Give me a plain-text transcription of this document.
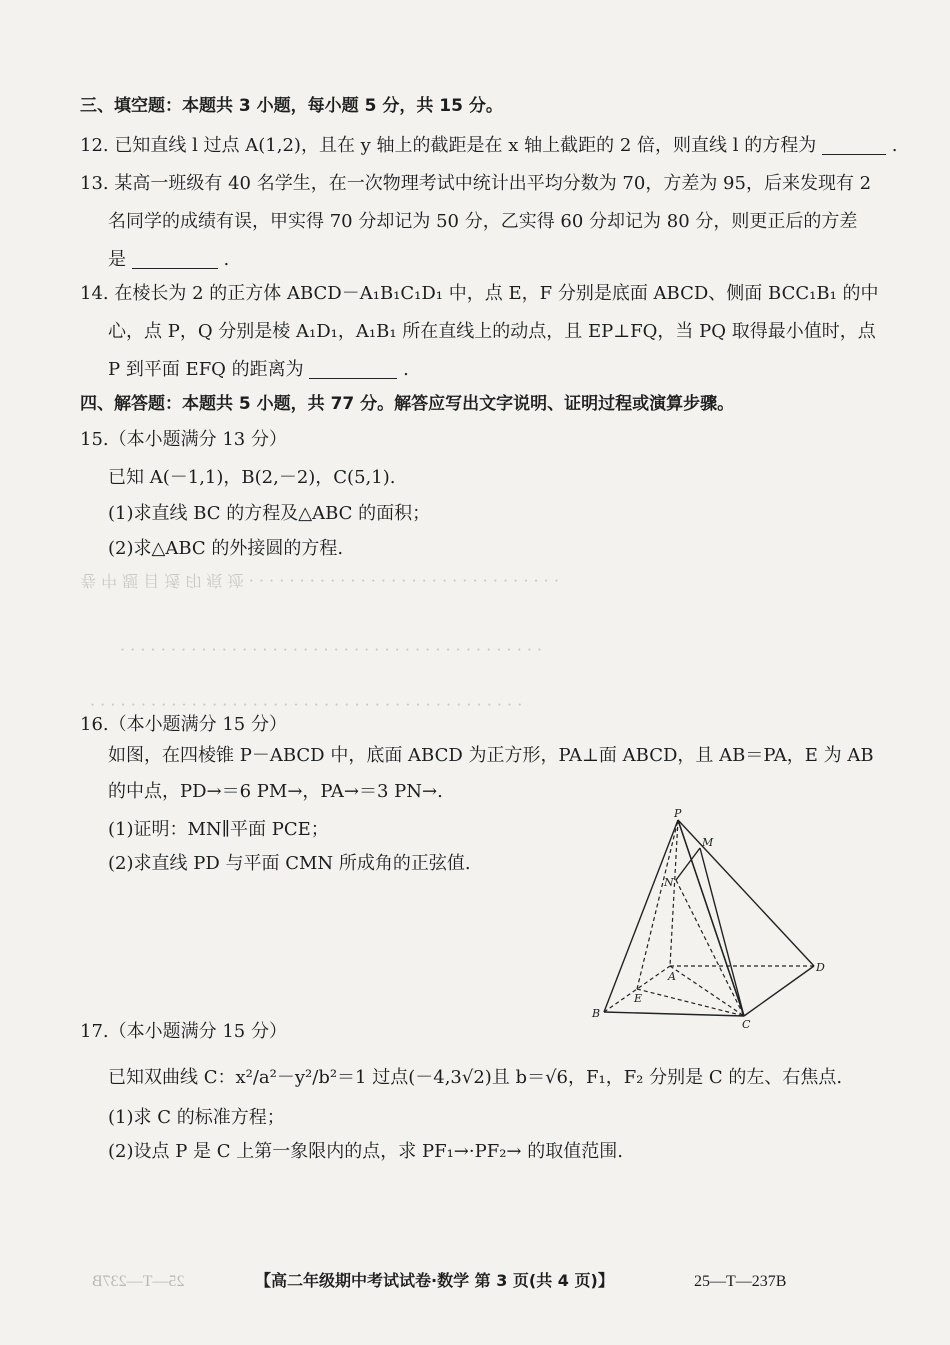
卷 中 题 目 透 印 痕 迹 · · · · · · · · · · · · · · · · · · · · · · · · · · · · · · ·
· · · · · · · · · · · · · · · · · · · · · · · · · · · · · · · · · · · · · · · · · ·
· · · · · · · · · · · · · · · · · · · · · · · · · · · · · · · · · · · · · · · · · · ·
三、填空题：本题共 3 小题，每小题 5 分，共 15 分。
12. 已知直线 l 过点 A(1,2)，且在 y 轴上的截距是在 x 轴上截距的 2 倍，则直线 l 的方程为	.
13. 某高一班级有 40 名学生，在一次物理考试中统计出平均分数为 70，方差为 95，后来发现有 2
名同学的成绩有误，甲实得 70 分却记为 50 分，乙实得 60 分却记为 80 分，则更正后的方差
是	.
14. 在棱长为 2 的正方体 ABCD－A₁B₁C₁D₁ 中，点 E，F 分别是底面 ABCD、侧面 BCC₁B₁ 的中
心，点 P，Q 分别是棱 A₁D₁，A₁B₁ 所在直线上的动点，且 EP⊥FQ，当 PQ 取得最小值时，点
P 到平面 EFQ 的距离为	.
四、解答题：本题共 5 小题，共 77 分。解答应写出文字说明、证明过程或演算步骤。
15.（本小题满分 13 分）
已知 A(－1,1)，B(2,－2)，C(5,1).
(1)求直线 BC 的方程及△ABC 的面积；
(2)求△ABC 的外接圆的方程.
16.（本小题满分 15 分）
如图，在四棱锥 P－ABCD 中，底面 ABCD 为正方形，PA⊥面 ABCD，且 AB＝PA，E 为 AB
的中点，PD→＝6 PM→，PA→＝3 PN→.
(1)证明：MN∥平面 PCE；
(2)求直线 PD 与平面 CMN 所成角的正弦值.
P
M
N
A
D
E
B
C
17.（本小题满分 15 分）
已知双曲线 C：x²/a²－y²/b²＝1 过点(－4,3√2)且 b＝√6，F₁，F₂ 分别是 C 的左、右焦点.
(1)求 C 的标准方程；
(2)设点 P 是 C 上第一象限内的点，求 PF₁→·PF₂→ 的取值范围.
25—T—237B	【高二年级期中考试试卷·数学 第 3 页(共 4 页)】	25—T—237B
